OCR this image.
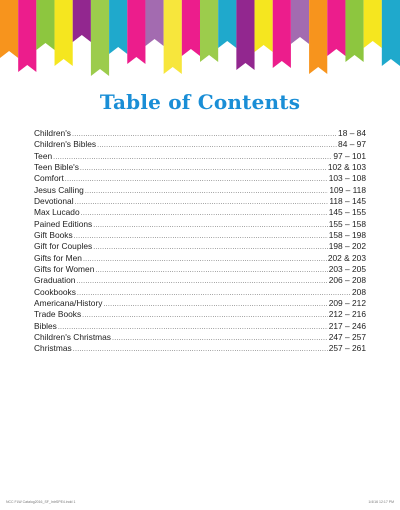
Table of Contents
Children's .....	18 – 84
Children's Bibles .....	84 – 97
Teen .....	97 – 101
Teen Bible's .....	102 & 103
Comfort .....	103 – 108
Jesus Calling .....	109 – 118
Devotional .....	118 – 145
Max Lucado .....	145 – 155
Pained Editions .....	155 – 158
Gift Books .....	158 – 198
Gift for Couples .....	198 – 202
Gifts for Men .....	202 & 203
Gifts for Women .....	203 – 205
Graduation .....	206 – 208
Cookbooks .....	208
Americana/History .....	209 – 212
Trade Books .....	212 – 216
Bibles .....	217 – 246
Children's Christmas .....	247 – 257
Christmas .....	257 – 261
NCC FLW Catalog2016_SF_IntrSPE4.indd 1	1/4/16 12:17 PM
